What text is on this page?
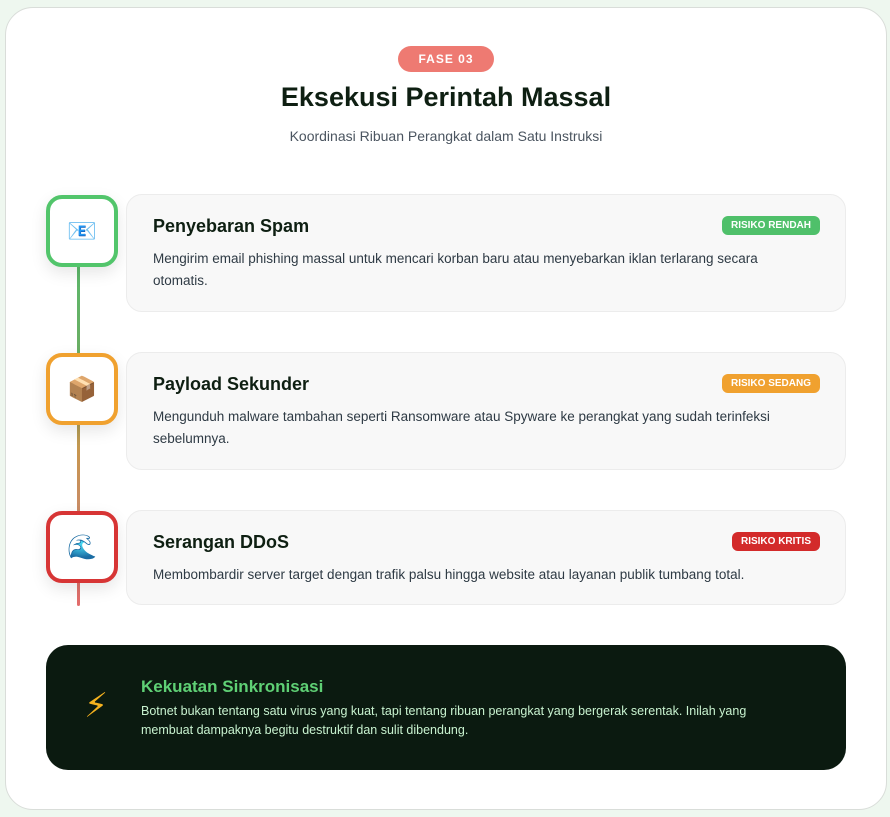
FASE 03
Eksekusi Perintah Massal

Koordinasi Ribuan Perangkat dalam Satu Instruksi

📧	Penyebaran Spam	RISIKO RENDAH

Mengirim email phishing massal untuk mencari korban baru atau menyebarkan iklan terlarang secara otomatis.

📦	Payload Sekunder	RISIKO SEDANG

Mengunduh malware tambahan seperti Ransomware atau Spyware ke perangkat yang sudah terinfeksi sebelumnya.

🌊	Serangan DDoS	RISIKO KRITIS

Membombardir server target dengan trafik palsu hingga website atau layanan publik tumbang total.

⚡
Kekuatan Sinkronisasi

Botnet bukan tentang satu virus yang kuat, tapi tentang ribuan perangkat yang bergerak serentak. Inilah yang membuat dampaknya begitu destruktif dan sulit dibendung.
